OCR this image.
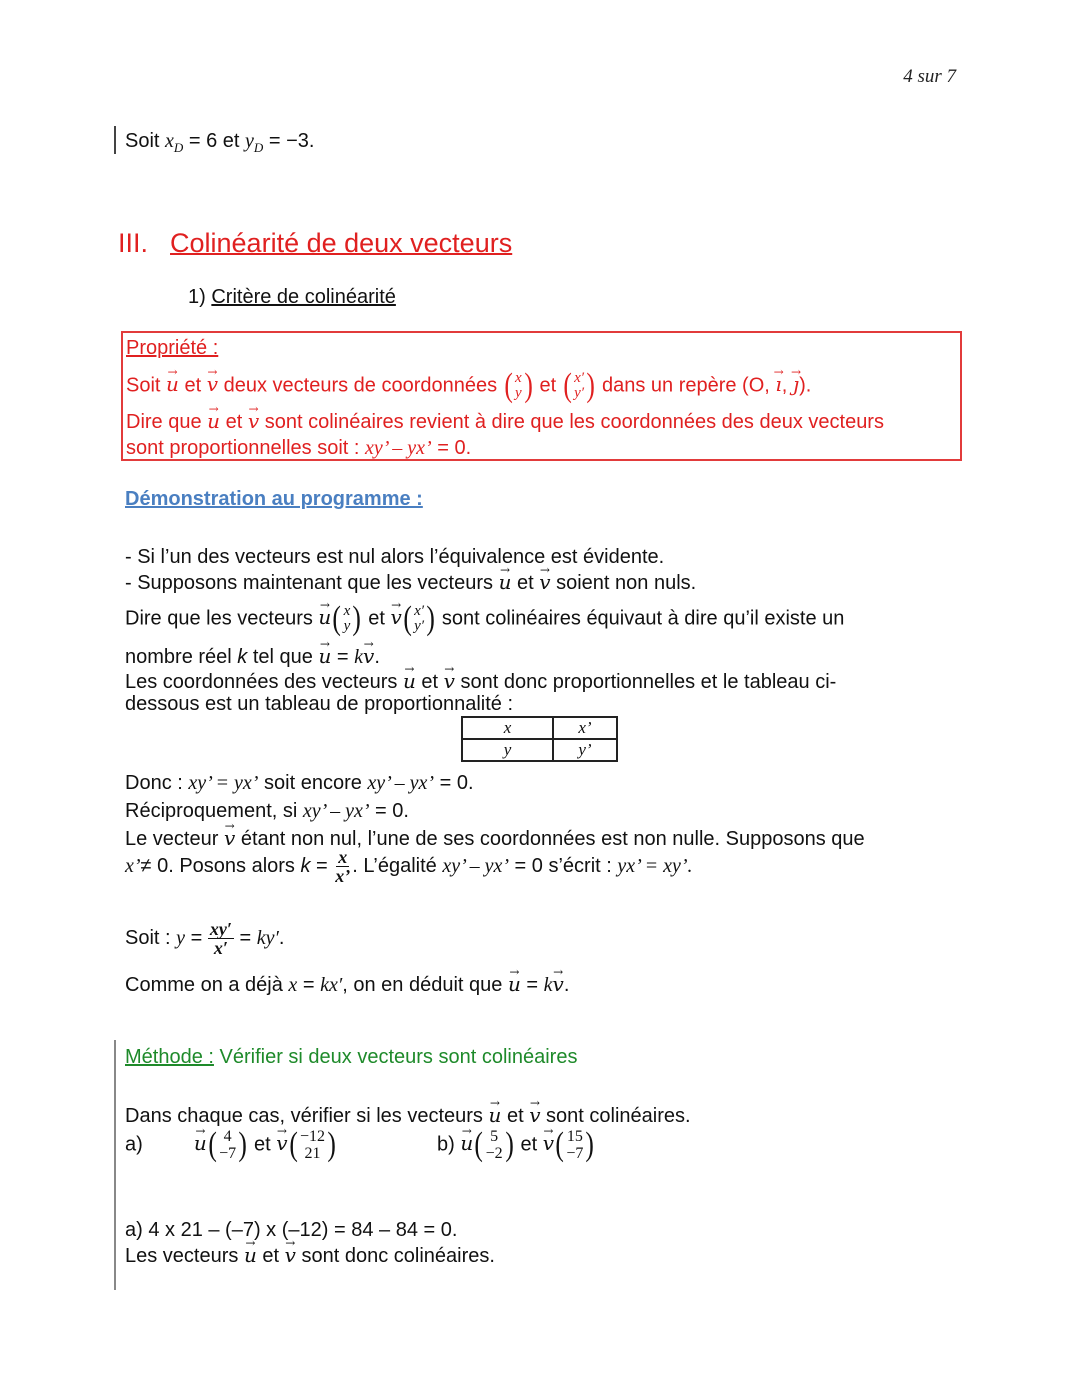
4 sur 7
Soit $x_D = 6$ et $y_D = -3$.
III. Colinéarité de deux vecteurs
1) Critère de colinéarité
Propriété :
Soit u → et v → deux vecteurs de coordonnées ( x
y ) et ( x′
y′ ) dans un repère (O, ı →, ȷ →).
Dire que u → et v → sont colinéaires revient à dire que les coordonnées des deux vecteurs
sont proportionnelles soit : xy’ – yx’ = 0.
Démonstration au programme :
- Si l’un des vecteurs est nul alors l’équivalence est évidente.
- Supposons maintenant que les vecteurs u → et v → soient non nuls.
Dire que les vecteurs u → ( x
y ) et v → ( x′
y′ ) sont colinéaires équivaut à dire qu’il existe un
nombre réel k tel que u → = kv →.
Les coordonnées des vecteurs u → et v → sont donc proportionnelles et le tableau ci-
dessous est un tableau de proportionnalité :
x	x’
y	y’
Donc : xy’ = yx’ soit encore xy’ – yx’ = 0.
Réciproquement, si xy’ – yx’ = 0.
Le vecteur v → étant non nul, l’une de ses coordonnées est non nulle. Supposons que
x’≠ 0. Posons alors $k = \frac{x}{x’}$ . L’égalité xy’ – yx’ = 0 s’écrit : yx’ = xy’.
Soit : $y = \frac{xy'}{x'} = ky'$.
Comme on a déjà x = kx′, on en déduit que u → = kv →.
Méthode : Vérifier si deux vecteurs sont colinéaires
Dans chaque cas, vérifier si les vecteurs u → et v → sont colinéaires.
a)	u → ( 4
−7 ) et v → ( −12
21 )	b) u → ( 5
−2 ) et v → ( 15
−7 )
a) 4 x 21 – (–7) x (–12) = 84 – 84 = 0.
Les vecteurs u → et v → sont donc colinéaires.
